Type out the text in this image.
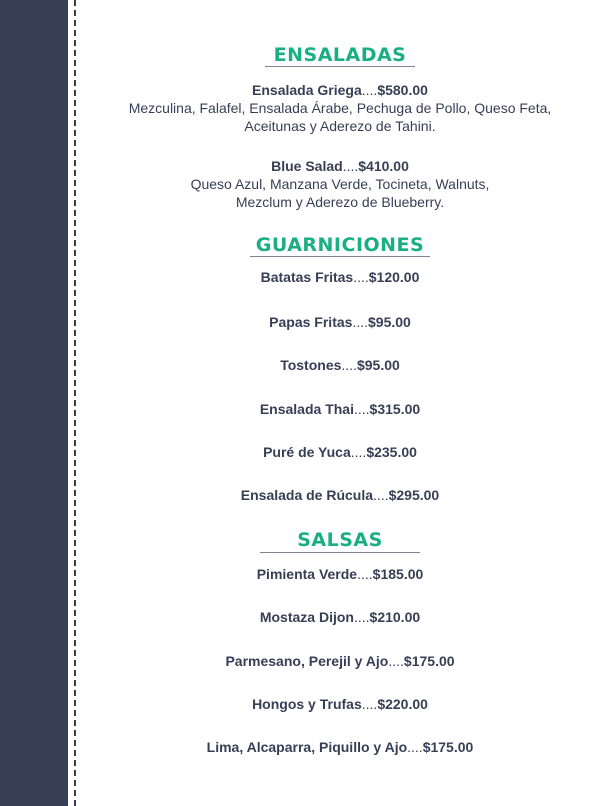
ENSALADAS
Ensalada Griega....$580.00
Mezculina, Falafel, Ensalada Árabe, Pechuga de Pollo, Queso Feta,
Aceitunas y Aderezo de Tahini.
Blue Salad....$410.00
Queso Azul, Manzana Verde, Tocineta, Walnuts,
Mezclum y Aderezo de Blueberry.
GUARNICIONES
Batatas Fritas....$120.00
Papas Fritas....$95.00
Tostones....$95.00
Ensalada Thai....$315.00
Puré de Yuca....$235.00
Ensalada de Rúcula....$295.00
SALSAS
Pimienta Verde....$185.00
Mostaza Dijon....$210.00
Parmesano, Perejil y Ajo....$175.00
Hongos y Trufas....$220.00
Lima, Alcaparra, Piquillo y Ajo....$175.00
